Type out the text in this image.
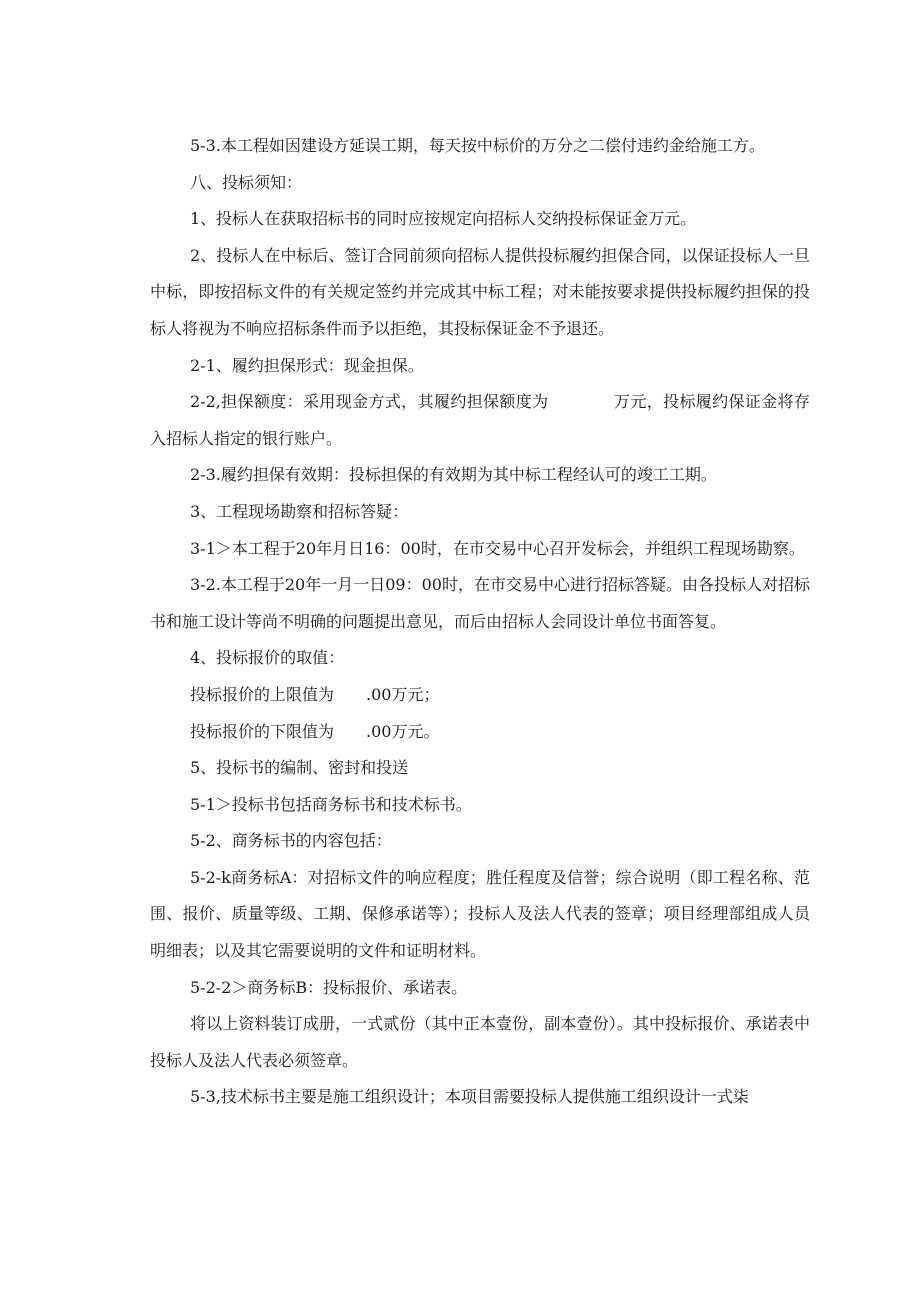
5-3.本工程如因建设方延误工期，每天按中标价的万分之二偿付违约金给施工方。

八、投标须知：

1、投标人在获取招标书的同时应按规定向招标人交纳投标保证金万元。

2、投标人在中标后、签订合同前须向招标人提供投标履约担保合同，以保证投标人一旦中标，即按招标文件的有关规定签约并完成其中标工程；对未能按要求提供投标履约担保的投标人将视为不响应招标条件而予以拒绝，其投标保证金不予退还。

2-1、履约担保形式：现金担保。

2-2,担保额度：采用现金方式，其履约担保额度为　　　　万元，投标履约保证金将存入招标人指定的银行账户。

2-3.履约担保有效期：投标担保的有效期为其中标工程经认可的竣工工期。

3、工程现场勘察和招标答疑：

3-1＞本工程于20年月日16：00时，在市交易中心召开发标会，并组织工程现场勘察。

3-2.本工程于20年一月一日09：00时，在市交易中心进行招标答疑。由各投标人对招标书和施工设计等尚不明确的问题提出意见，而后由招标人会同设计单位书面答复。

4、投标报价的取值：

投标报价的上限值为　　.00万元；

投标报价的下限值为　　.00万元。

5、投标书的编制、密封和投送

5-1＞投标书包括商务标书和技术标书。

5-2、商务标书的内容包括：

5-2-k商务标A：对招标文件的响应程度；胜任程度及信誉；综合说明（即工程名称、范围、报价、质量等级、工期、保修承诺等）；投标人及法人代表的签章；项目经理部组成人员明细表；以及其它需要说明的文件和证明材料。

5-2-2＞商务标B：投标报价、承诺表。

将以上资料装订成册，一式贰份（其中正本壹份，副本壹份）。其中投标报价、承诺表中投标人及法人代表必须签章。

5-3,技术标书主要是施工组织设计；本项目需要投标人提供施工组织设计一式柒
